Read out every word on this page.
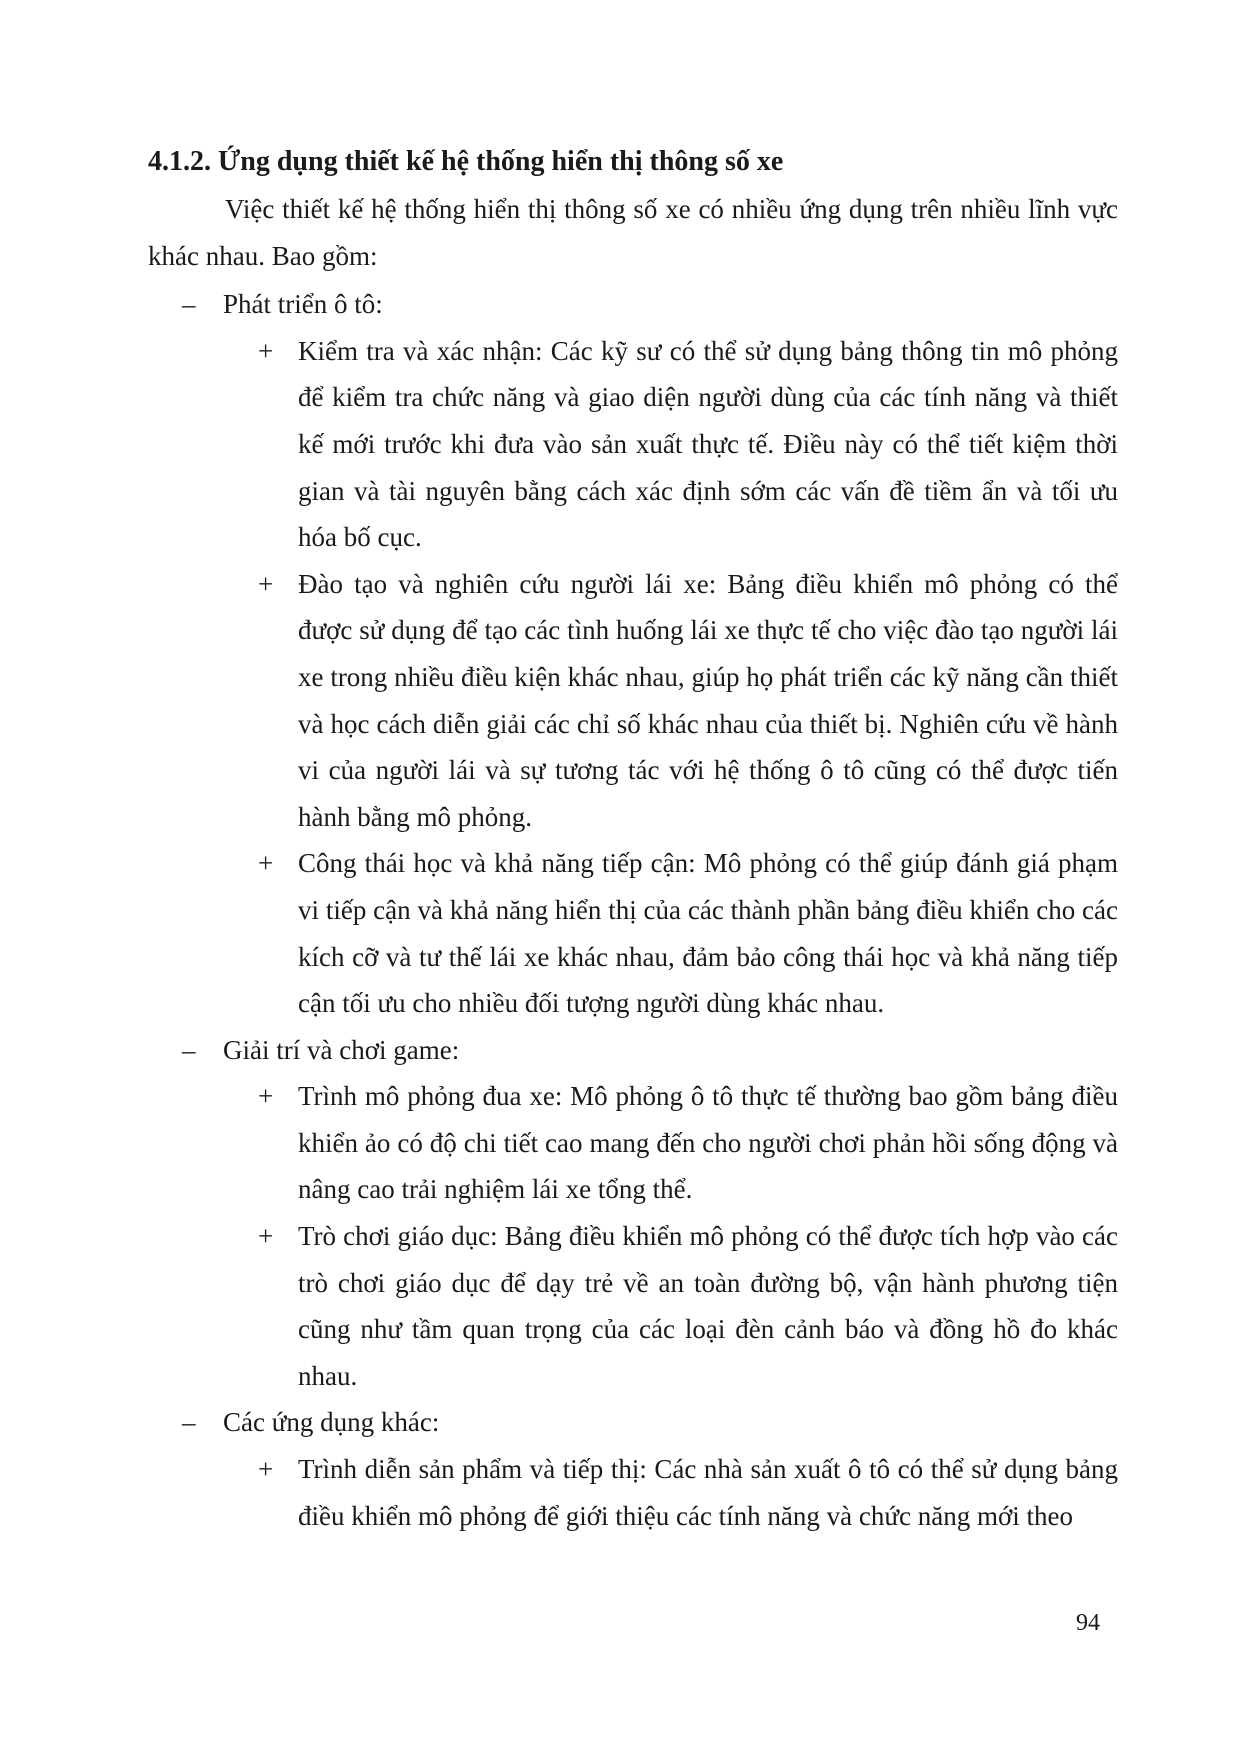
4.1.2. Ứng dụng thiết kế hệ thống hiển thị thông số xe

Việc thiết kế hệ thống hiển thị thông số xe có nhiều ứng dụng trên nhiều lĩnh vực khác nhau. Bao gồm:

– Phát triển ô tô:

+ Kiểm tra và xác nhận: Các kỹ sư có thể sử dụng bảng thông tin mô phỏng để kiểm tra chức năng và giao diện người dùng của các tính năng và thiết kế mới trước khi đưa vào sản xuất thực tế. Điều này có thể tiết kiệm thời gian và tài nguyên bằng cách xác định sớm các vấn đề tiềm ẩn và tối ưu hóa bố cục.

+ Đào tạo và nghiên cứu người lái xe: Bảng điều khiển mô phỏng có thể được sử dụng để tạo các tình huống lái xe thực tế cho việc đào tạo người lái xe trong nhiều điều kiện khác nhau, giúp họ phát triển các kỹ năng cần thiết và học cách diễn giải các chỉ số khác nhau của thiết bị. Nghiên cứu về hành vi của người lái và sự tương tác với hệ thống ô tô cũng có thể được tiến hành bằng mô phỏng.

+ Công thái học và khả năng tiếp cận: Mô phỏng có thể giúp đánh giá phạm vi tiếp cận và khả năng hiển thị của các thành phần bảng điều khiển cho các kích cỡ và tư thế lái xe khác nhau, đảm bảo công thái học và khả năng tiếp cận tối ưu cho nhiều đối tượng người dùng khác nhau.

– Giải trí và chơi game:

+ Trình mô phỏng đua xe: Mô phỏng ô tô thực tế thường bao gồm bảng điều khiển ảo có độ chi tiết cao mang đến cho người chơi phản hồi sống động và nâng cao trải nghiệm lái xe tổng thể.

+ Trò chơi giáo dục: Bảng điều khiển mô phỏng có thể được tích hợp vào các trò chơi giáo dục để dạy trẻ về an toàn đường bộ, vận hành phương tiện cũng như tầm quan trọng của các loại đèn cảnh báo và đồng hồ đo khác nhau.

– Các ứng dụng khác:

+ Trình diễn sản phẩm và tiếp thị: Các nhà sản xuất ô tô có thể sử dụng bảng điều khiển mô phỏng để giới thiệu các tính năng và chức năng mới theo

94
